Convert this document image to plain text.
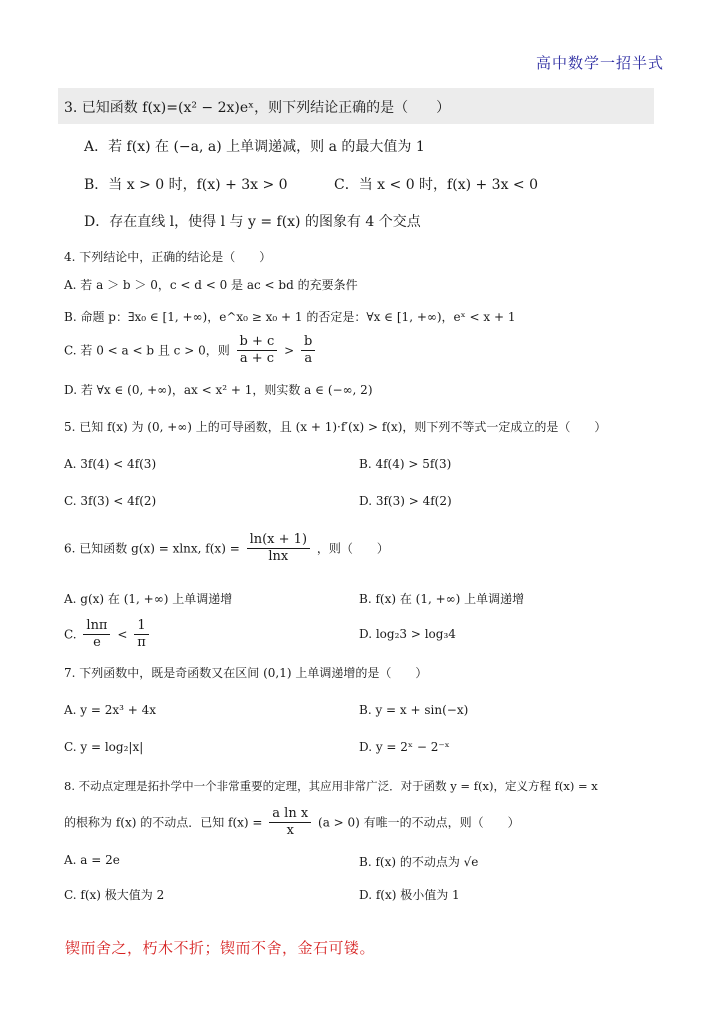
高中数学一招半式
3. 已知函数 f(x)=(x² − 2x)eˣ，则下列结论正确的是（　　）
A．若 f(x) 在 (−a, a) 上单调递减，则 a 的最大值为 1
B．当 x > 0 时，f(x) + 3x > 0	C．当 x < 0 时，f(x) + 3x < 0
D．存在直线 l，使得 l 与 y = f(x) 的图象有 4 个交点
4. 下列结论中，正确的结论是（　　）
A. 若 a ＞ b ＞ 0，c < d < 0 是 ac < bd 的充要条件
B. 命题 p：∃x₀ ∈ [1, +∞)，e^x₀ ≥ x₀ + 1 的否定是：∀x ∈ [1, +∞)，eˣ < x + 1
C. 若 0 < a < b 且 c > 0，则 $\frac{b + c}{a + c} > \frac{b}{a}$
D. 若 ∀x ∈ (0, +∞)，ax < x² + 1，则实数 a ∈ (−∞, 2)
5. 已知 f(x) 为 (0, +∞) 上的可导函数，且 (x + 1)·f′(x) > f(x)，则下列不等式一定成立的是（　　）
A. 3f(4) < 4f(3)	B. 4f(4) > 5f(3)
C. 3f(3) < 4f(2)	D. 3f(3) > 4f(2)
6. 已知函数 g(x) = xlnx, $f(x) = \frac{\ln(x + 1)}{\ln x}$ ，则（　　）
A. g(x) 在 (1, +∞) 上单调递增	B. f(x) 在 (1, +∞) 上单调递增
C. $\frac{\ln\pi}{e} < \frac{1}{\pi}$	D. log₂3 > log₃4
7. 下列函数中，既是奇函数又在区间 (0,1) 上单调递增的是（　　）
A. y = 2x³ + 4x	B. y = x + sin(−x)
C. y = log₂|x|	D. y = 2ˣ − 2⁻ˣ
8. 不动点定理是拓扑学中一个非常重要的定理，其应用非常广泛．对于函数 y = f(x)，定义方程 f(x) = x
的根称为 f(x) 的不动点．已知 $f(x) = \frac{\text{a ln x}}{x} (a > 0)$ 有唯一的不动点，则（　　）
A. a = 2e	B. f(x) 的不动点为 √e
C. f(x) 极大值为 2	D. f(x) 极小值为 1
锲而舍之，朽木不折；锲而不舍，金石可镂。
